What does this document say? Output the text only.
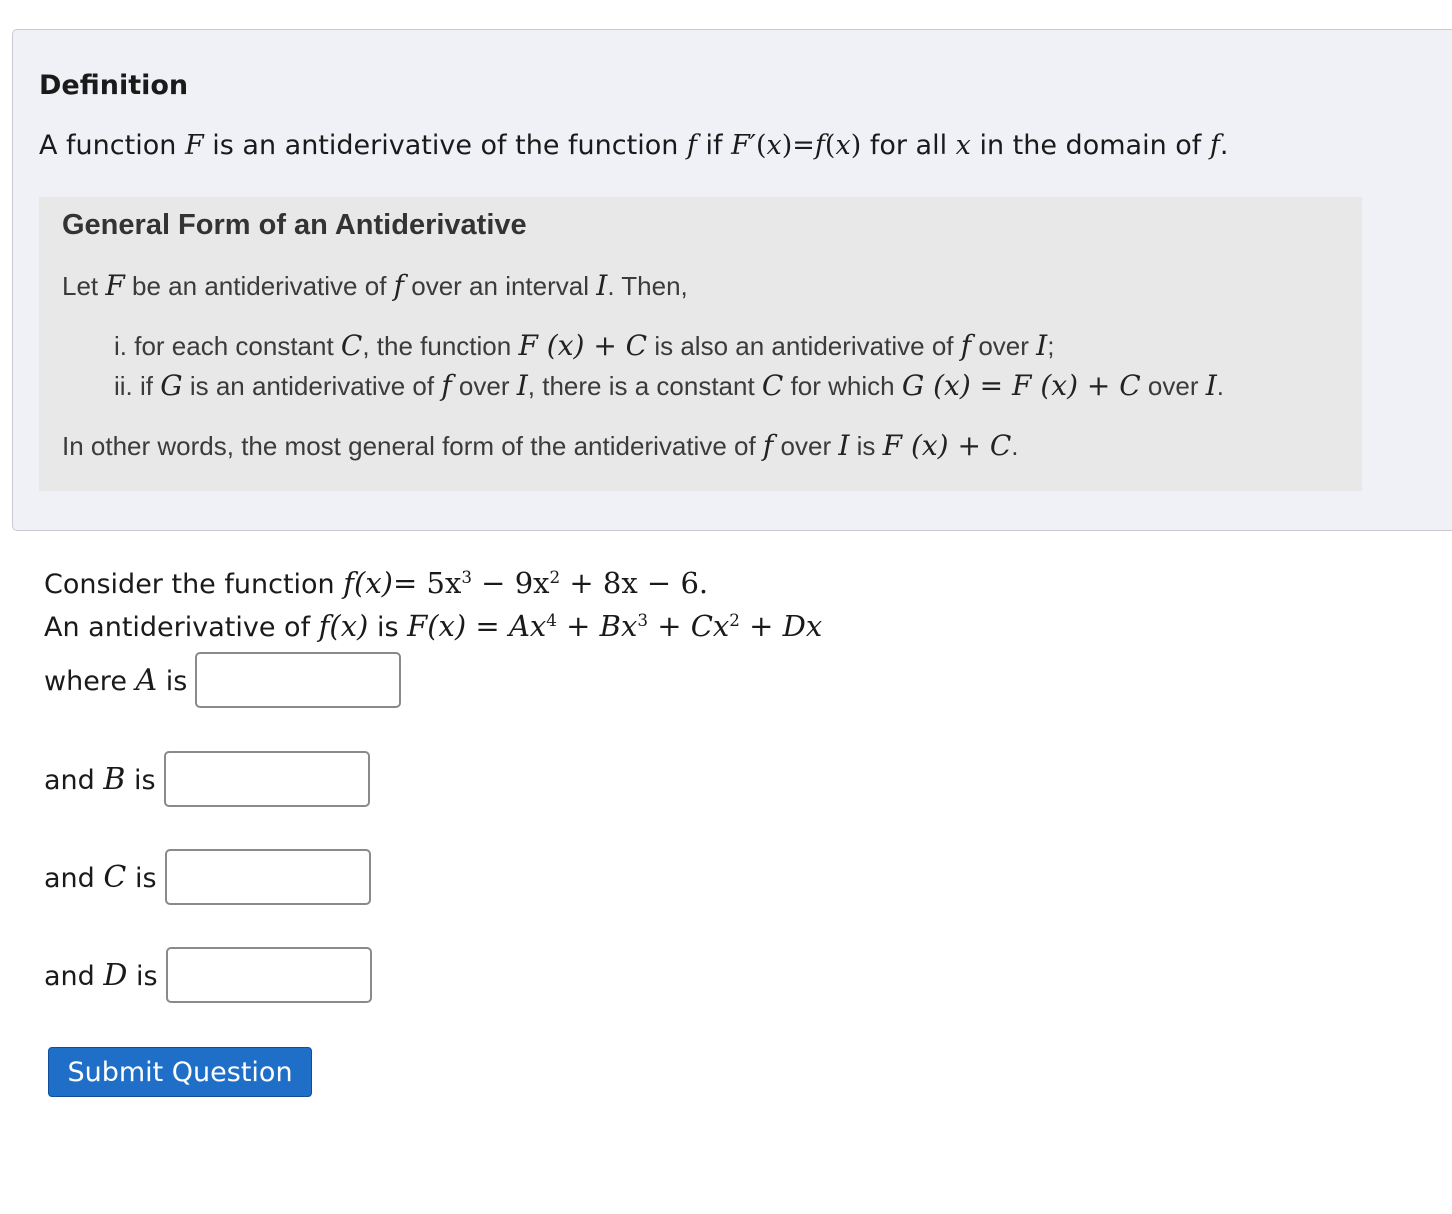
Definition
A function F is an antiderivative of the function f if F′(x)=f(x) for all x in the domain of f.
General Form of an Antiderivative
Let F be an antiderivative of f over an interval I. Then,
i. for each constant C, the function F (x) + C is also an antiderivative of f over I;
ii. if G is an antiderivative of f over I, there is a constant C for which G (x) = F (x) + C over I.
In other words, the most general form of the antiderivative of f over I is F (x) + C.
Consider the function $f(x)= 5x^3 - 9x^2 + 8x - 6$.
An antiderivative of f(x) is $F(x) = Ax^4 + Bx^3 + Cx^2 + Dx$
where A is
and B is
and C is
and D is
Submit Question
